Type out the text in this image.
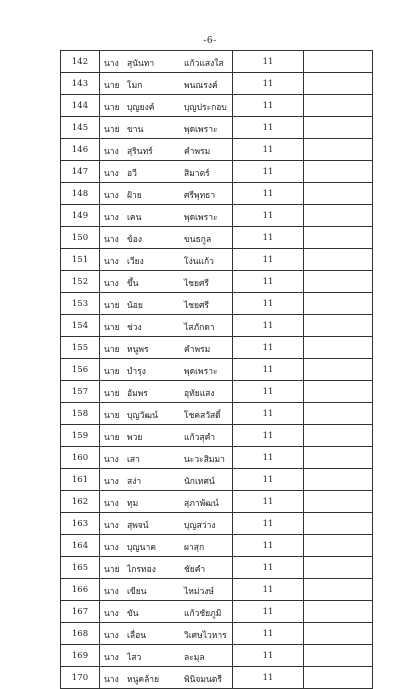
-6-
142	นาง สุนันทา แก้วแสงใส	11	
143	นาย โมก พนณรงค์	11	
144	นาย บุญยงค์ บุญประกอบ	11	
145	นาย ขาน พุดเพราะ	11	
146	นาง สุรินทร์ คำพรม	11	
147	นาง อวี สิมาตร์	11	
148	นาง ฝ้าย ศรีพุทธา	11	
149	นาง เคน พุดเพราะ	11	
150	นาง ข้อง ขนธกูล	11	
151	นาง เวียง โง่นแก้ว	11	
152	นาง ขึ้น ไชยศรี	11	
153	นาย น้อย ไชยศรี	11	
154	นาย ช่วง ไสภักดา	11	
155	นาย หนูพร คำพรม	11	
156	นาย บำรุง พุดเพราะ	11	
157	นาย อัมพร อุทัยแสง	11	
158	นาย บุญวัฒน์ โชคสวัสดิ์	11	
159	นาย พวย แก้วสุคำ	11	
160	นาง เสา นะวะสิมมา	11	
161	นาง สง่า นักเทศน์	11	
162	นาง ทุม สุภาพัฒน์	11	
163	นาง สุพจน์ บุญสว่าง	11	
164	นาง บุญนาค ผาสุก	11	
165	นาย ไกรทอง ชัยคำ	11	
166	นาง เขียน ไหม่วงษ์	11	
167	นาง ขัน แก้วชัยภูมิ	11	
168	นาง เลื่อน วิเศษไวหาร	11	
169	นาง ไสว ละมุล	11	
170	นาง หนูคล้าย พินิจมนตรี	11	
